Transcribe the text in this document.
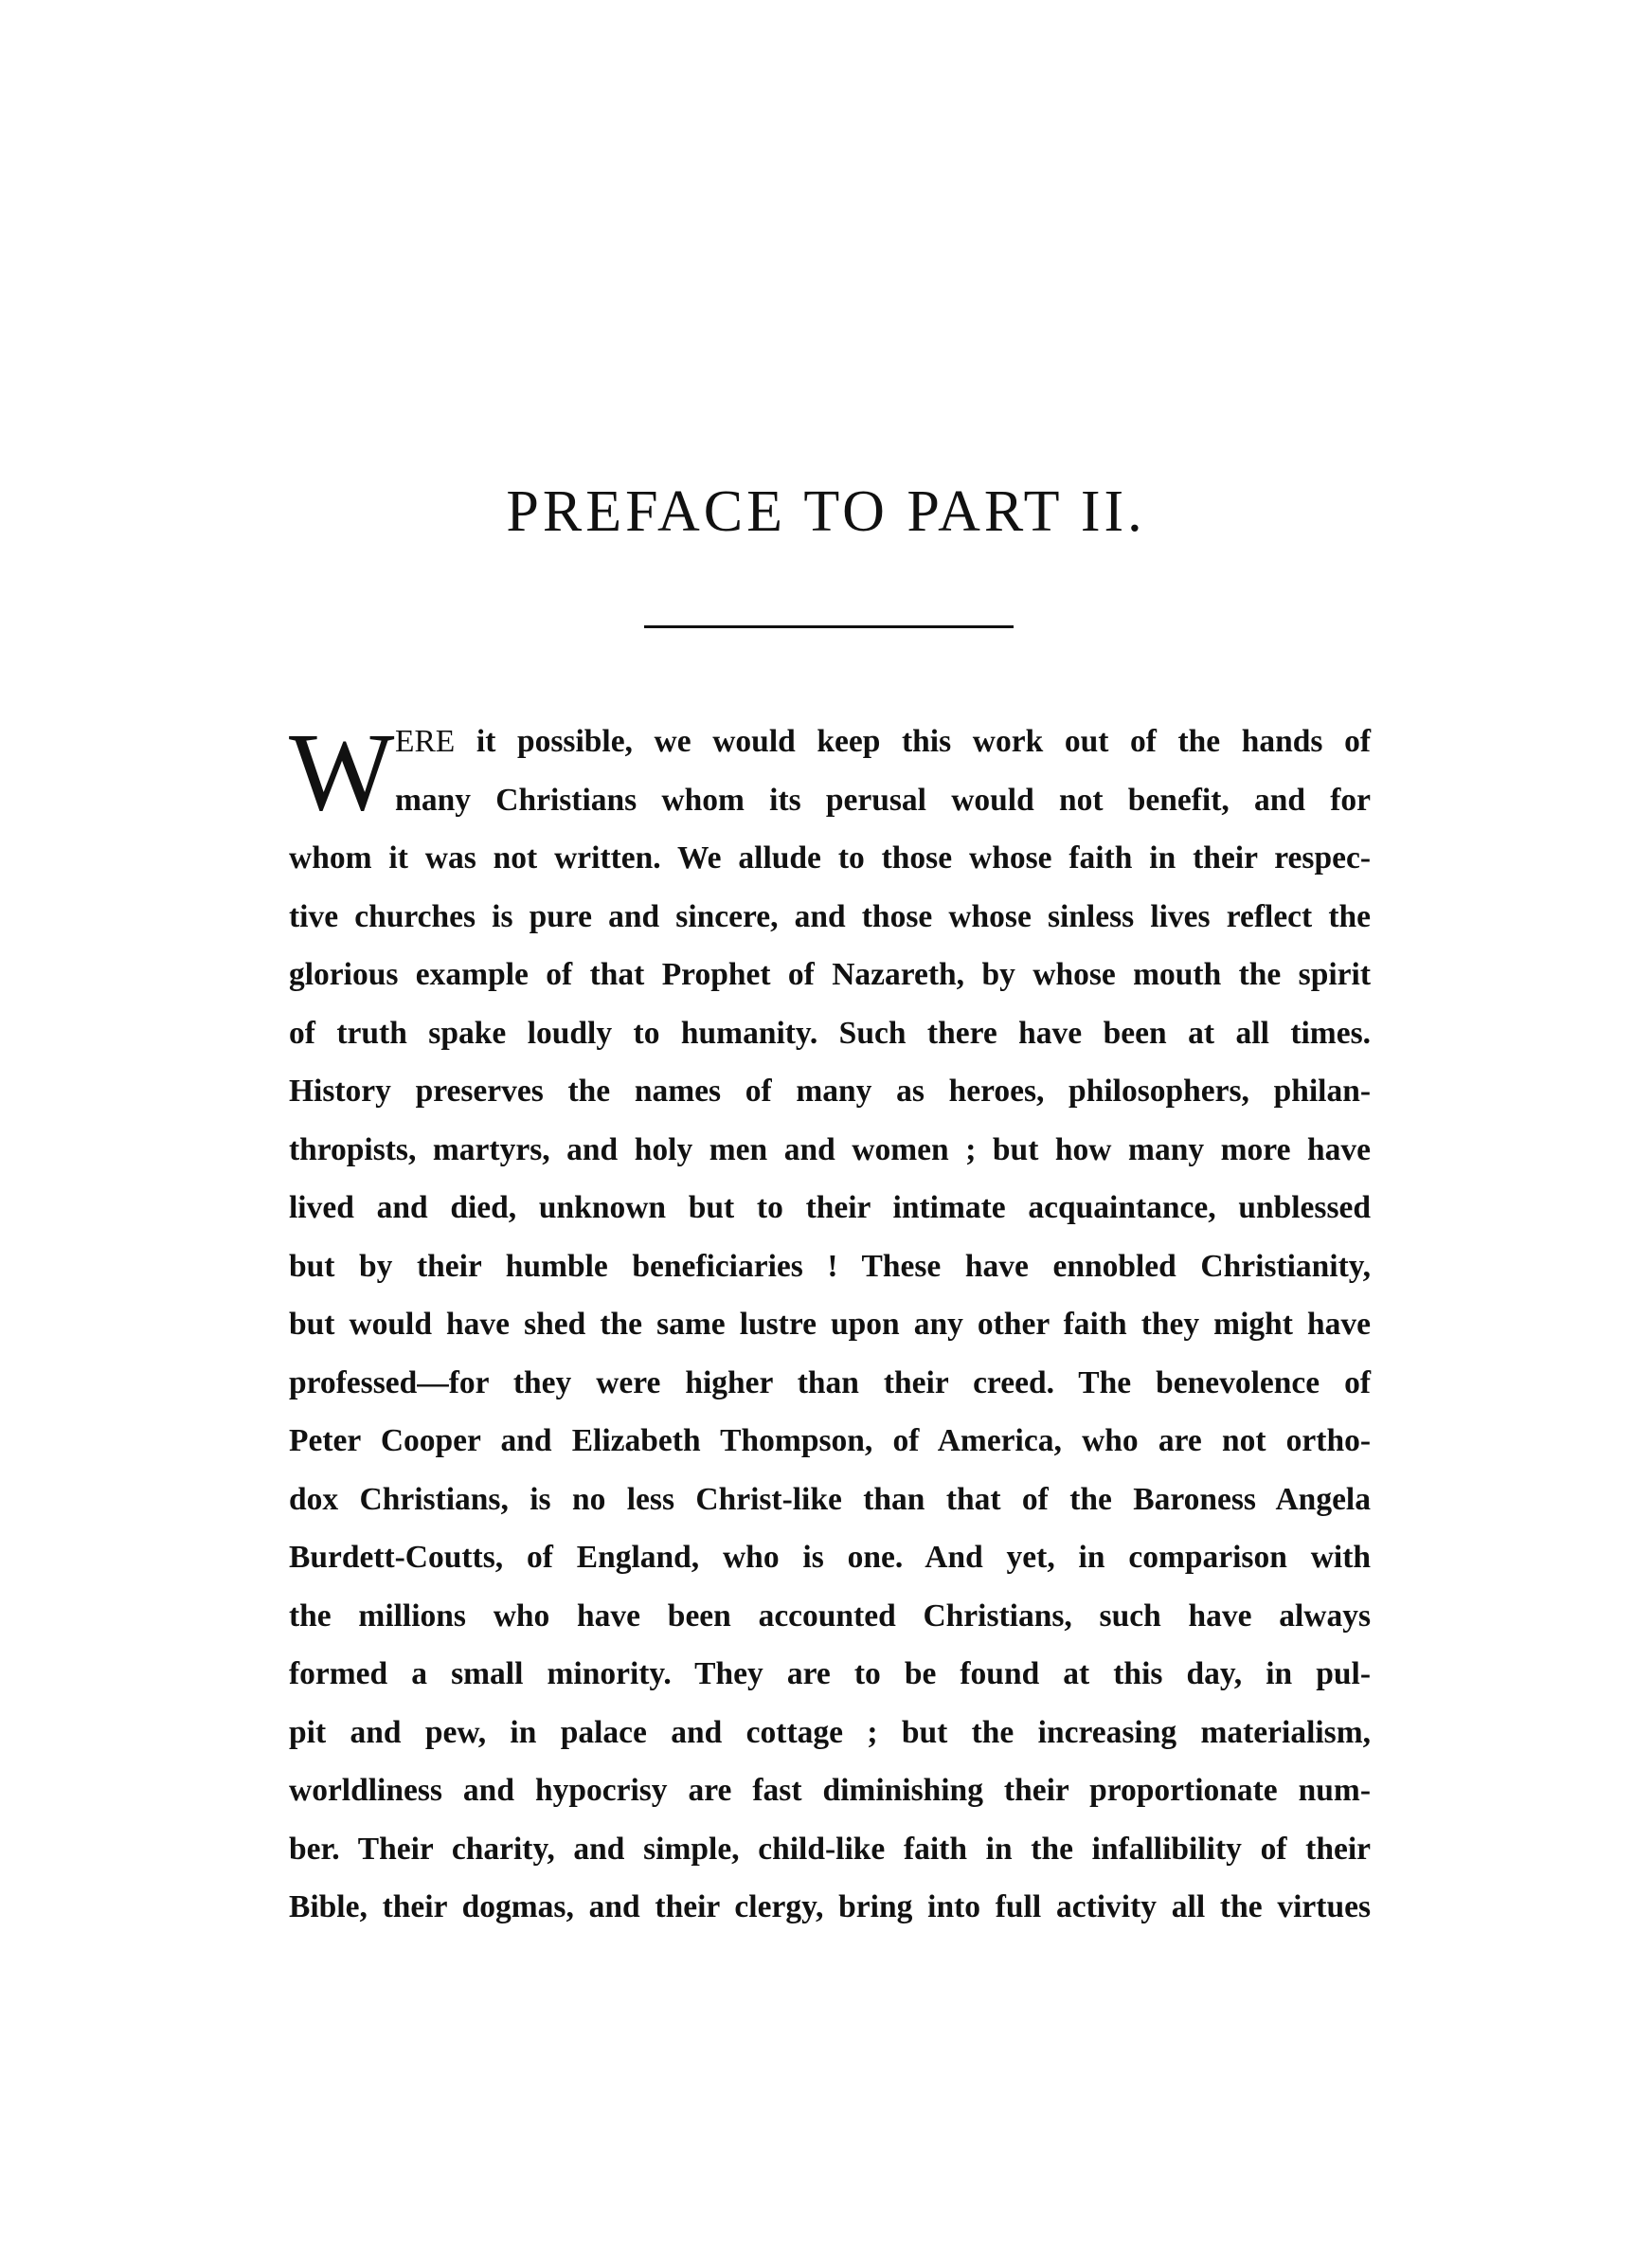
PREFACE TO PART II.
W ERE it possible, we would keep this work out of the hands of
many Christians whom its perusal would not benefit, and for
whom it was not written. We allude to those whose faith in their respec-
tive churches is pure and sincere, and those whose sinless lives reflect the
glorious example of that Prophet of Nazareth, by whose mouth the spirit
of truth spake loudly to humanity. Such there have been at all times.
History preserves the names of many as heroes, philosophers, philan-
thropists, martyrs, and holy men and women ; but how many more have
lived and died, unknown but to their intimate acquaintance, unblessed
but by their humble beneficiaries ! These have ennobled Christianity,
but would have shed the same lustre upon any other faith they might have
professed—for they were higher than their creed. The benevolence of
Peter Cooper and Elizabeth Thompson, of America, who are not ortho-
dox Christians, is no less Christ-like than that of the Baroness Angela
Burdett-Coutts, of England, who is one. And yet, in comparison with
the millions who have been accounted Christians, such have always
formed a small minority. They are to be found at this day, in pul-
pit and pew, in palace and cottage ; but the increasing materialism,
worldliness and hypocrisy are fast diminishing their proportionate num-
ber. Their charity, and simple, child-like faith in the infallibility of their
Bible, their dogmas, and their clergy, bring into full activity all the virtues
